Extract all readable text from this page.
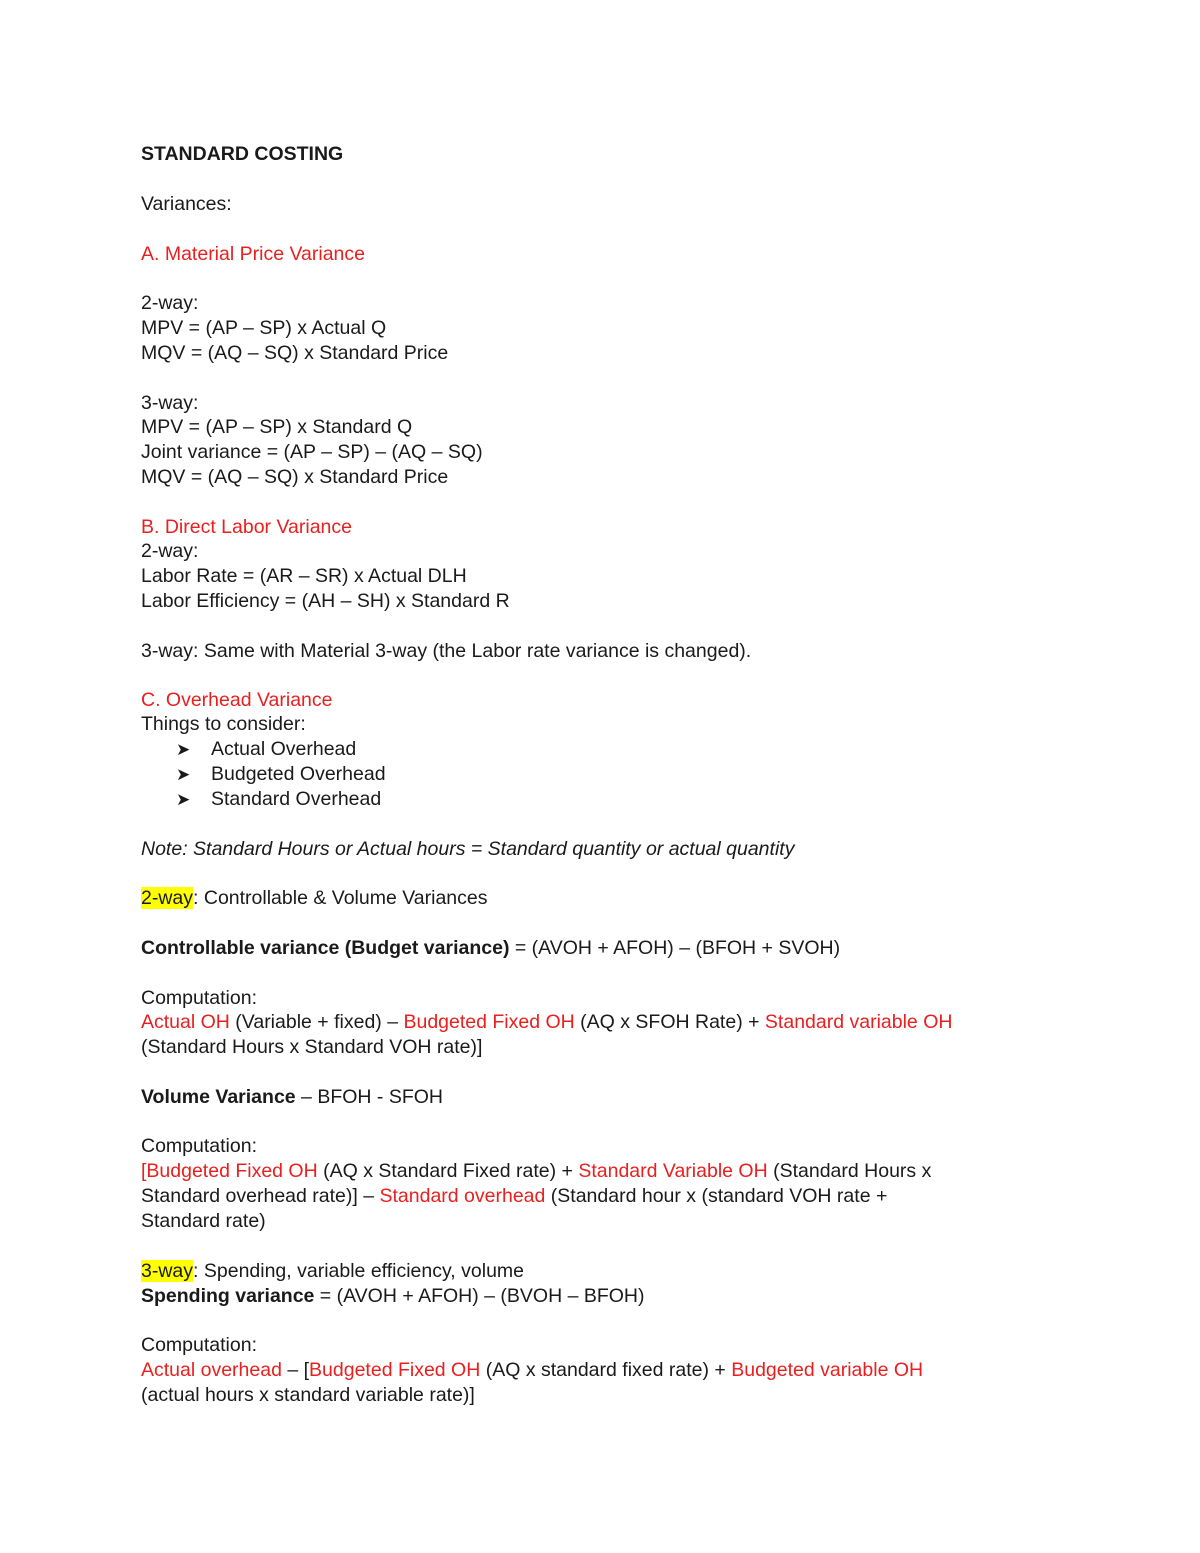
STANDARD COSTING
Variances:
A. Material Price Variance
2-way:
MPV = (AP – SP) x Actual Q
MQV = (AQ – SQ) x Standard Price
3-way:
MPV = (AP – SP) x Standard Q
Joint variance = (AP – SP) – (AQ – SQ)
MQV = (AQ – SQ) x Standard Price
B. Direct Labor Variance
2-way:
Labor Rate = (AR – SR) x Actual DLH
Labor Efficiency = (AH – SH) x Standard R
3-way: Same with Material 3-way (the Labor rate variance is changed).
C. Overhead Variance
Things to consider:
➤ Actual Overhead
➤ Budgeted Overhead
➤ Standard Overhead
Note: Standard Hours or Actual hours = Standard quantity or actual quantity
2-way: Controllable & Volume Variances
Controllable variance (Budget variance) = (AVOH + AFOH) – (BFOH + SVOH)
Computation:
Actual OH (Variable + fixed) – Budgeted Fixed OH (AQ x SFOH Rate) + Standard variable OH
(Standard Hours x Standard VOH rate)]
Volume Variance – BFOH - SFOH
Computation:
[Budgeted Fixed OH (AQ x Standard Fixed rate) + Standard Variable OH (Standard Hours x
Standard overhead rate)] – Standard overhead (Standard hour x (standard VOH rate +
Standard rate)
3-way: Spending, variable efficiency, volume
Spending variance = (AVOH + AFOH) – (BVOH – BFOH)
Computation:
Actual overhead – [Budgeted Fixed OH (AQ x standard fixed rate) + Budgeted variable OH
(actual hours x standard variable rate)]
